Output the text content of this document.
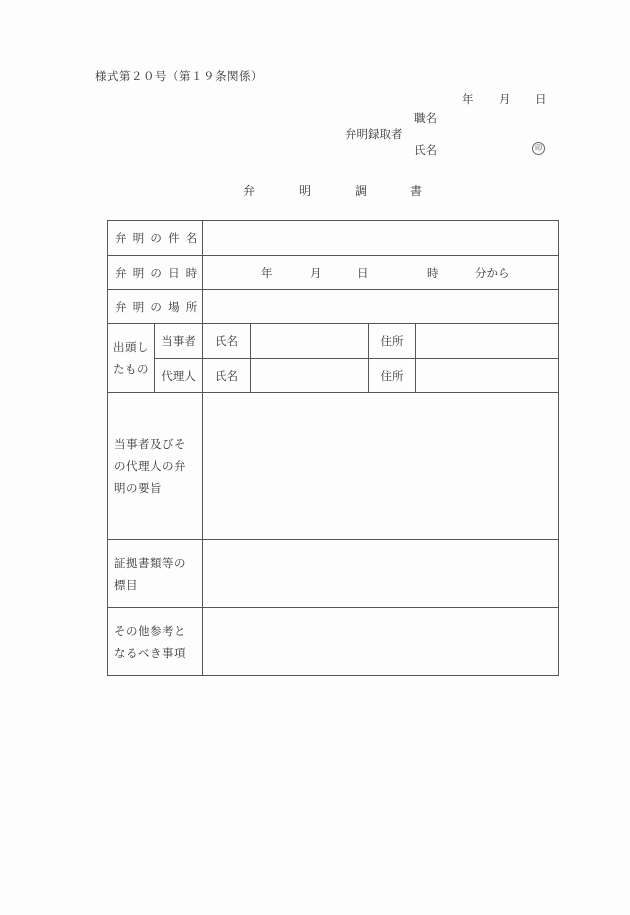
様式第２０号（第１９条関係）
年 月 日
職名
弁明録取者
氏名	印
弁	明	調	書
弁明の件名					
弁明の日時		年 月 日 時 分から			

弁明の場所					
出頭したもの	当事者	氏名		住所	
	代理人	氏名		住所	
当事者及びその代理人の弁明の要旨					
証拠書類等の標目					
その他参考となるべき事項					
